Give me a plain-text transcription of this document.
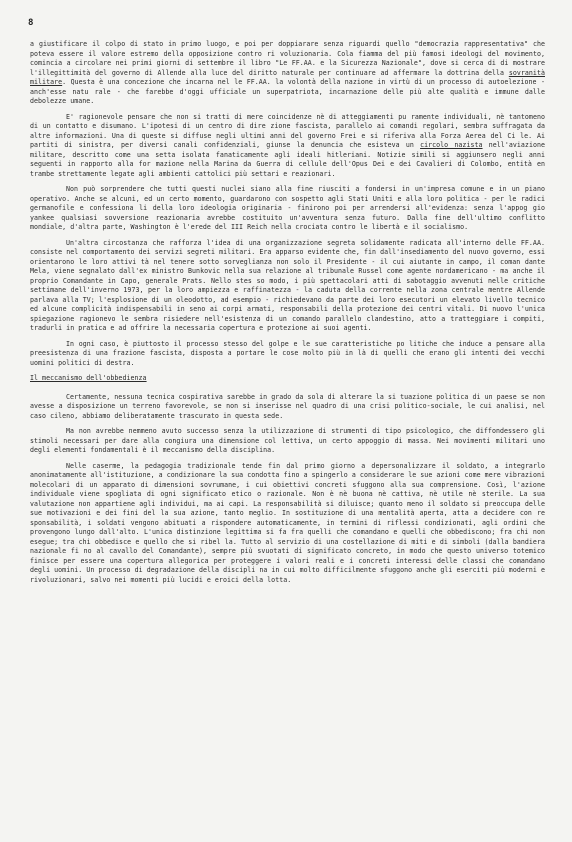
8

a giustificare il colpo di stato in primo luogo, e poi per doppiarare senza riguardi quello "democrazia rappresentativa" che poteva essere il valore estremo della opposizione contro ri voluzionaria. Cola fiamma del più famosi ideologi del movimento, comincia a circolare nei primi giorni di settembre il libro "Le FF.AA. e la Sicurezza Nazionale", dove si cerca di di mostrare l'illegittimità del governo di Allende alla luce del diritto naturale per continuare ad affermare la dottrina della sovranità militare. Questa è una concezione che incarna nel le FF.AA. la volontà della nazione in virtù di un processo di autoelezione - anch'esse natu rale - che farebbe d'oggi ufficiale un superpatriota, incarnazione delle più alte qualità e immune dalle debolezze umane.

E' ragionevole pensare che non si tratti di mere coincidenze nè di atteggiamenti pu ramente individuali, nè tantomeno di un contatto e disumano. L'ipotesi di un centro di dire zione fascista, parallelo ai comandi regolari, sembra suffragata da altre informazioni. Una di queste si diffuse negli ultimi anni del governo Frei e si riferiva alla Forza Aerea del Ci le. Ai partiti di sinistra, per diversi canali confidenziali, giunse la denuncia che esisteva un circolo nazista nell'aviazione militare, descritto come una setta isolata fanaticamente agli ideali hitleriani. Notizie simili si aggiunsero negli anni seguenti in rapporto alla for mazione nella Marina da Guerra di cellule dell'Opus Dei e dei Cavalieri di Colombo, entità en trambe strettamente legate agli ambienti cattolici più settari e reazionari.

Non può sorprendere che tutti questi nuclei siano alla fine riusciti a fondersi in un'impresa comune e in un piano operativo. Anche se alcuni, ed un certo momento, guardarono con sospetto agli Stati Uniti e alla loro politica - per le radici germanofile e confessiona li della loro ideologia originaria - finirono poi per arrendersi all'evidenza: senza l'appog gio yankee qualsiasi sovversione reazionaria avrebbe costituito un'avventura senza futuro. Dalla fine dell'ultimo conflitto mondiale, d'altra parte, Washington è l'erede del III Reich nella crociata contro le libertà e il socialismo.

Un'altra circostanza che rafforza l'idea di una organizzazione segreta solidamente radicata all'interno delle FF.AA. consiste nel comportamento dei servizi segreti militari. Era apparso evidente che, fin dall'insediamento del nuovo governo, essi orientarono le loro attivi tà nel tenere sotto sorveglianza non solo il Presidente - il cui aiutante in campo, il coman dante Mela, viene segnalato dall'ex ministro Bunkovic nella sua relazione al tribunale Russel come agente nordamericano - ma anche il proprio Comandante in Capo, generale Prats. Nello stes so modo, i più spettacolari atti di sabotaggio avvenuti nelle critiche settimane dell'inverno 1973, per la loro ampiezza e raffinatezza - la caduta della corrente nella zona centrale mentre Allende parlava alla TV; l'esplosione di un oleodotto, ad esempio - richiedevano da parte dei loro esecutori un elevato livello tecnico ed alcune complicità indispensabili in seno ai corpi armati, responsabili della protezione dei centri vitali. Di nuovo l'unica spiegazione ragionevo le sembra risiedere nell'esistenza di un comando parallelo clandestino, atto a tratteggiare i compiti, tradurli in pratica e ad offrire la necessaria copertura e protezione ai suoi agenti.

In ogni caso, è piuttosto il processo stesso del golpe e le sue caratteristiche po litiche che induce a pensare alla preesistenza di una frazione fascista, disposta a portare le cose molto più in là di quelli che erano gli intenti dei vecchi uomini politici di destra.

Il meccanismo dell'obbedienza

Certamente, nessuna tecnica cospirativa sarebbe in grado da sola di alterare la si tuazione politica di un paese se non avesse a disposizione un terreno favorevole, se non si inserisse nel quadro di una crisi politico-sociale, le cui analisi, nel caso cileno, abbiamo deliberatamente trascurato in questa sede.

Ma non avrebbe nemmeno avuto successo senza la utilizzazione di strumenti di tipo psicologico, che diffondessero gli stimoli necessari per dare alla congiura una dimensione col lettiva, un certo appoggio di massa. Nei movimenti militari uno degli elementi fondamentali è il meccanismo della disciplina.

Nelle caserme, la pedagogia tradizionale tende fin dal primo giorno a depersonalizzare il soldato, a integrarlo anonimatamente all'istituzione, a condizionare la sua condotta fino a spingerlo a considerare le sue azioni come mere vibrazioni molecolari di un apparato di dimensioni sovrumane, i cui obiettivi concreti sfuggono alla sua comprensione. Così, l'azione individuale viene spogliata di ogni significato etico o razionale. Non è nè buona nè cattiva, nè utile nè sterile. La sua valutazione non appartiene agli individui, ma ai capi. La responsabilità si diluisce; quanto meno il soldato si preoccupa delle sue motivazioni e dei fini del la sua azione, tanto meglio. In sostituzione di una mentalità aperta, atta a decidere con re sponsabilità, i soldati vengono abituati a rispondere automaticamente, in termini di riflessi condizionati, agli ordini che provengono lungo dall'alto. L'unica distinzione legittima si fa fra quelli che comandano e quelli che obbediscono; fra chi non esegue; tra chi obbedisce e quello che si ribel la. Tutto al servizio di una costellazione di miti e di simboli (dalla bandiera nazionale fi no al cavallo del Comandante), sempre più svuotati di significato concreto, in modo che questo universo totemico finisce per essere una copertura allegorica per proteggere i valori reali e i concreti interessi delle classi che comandano degli uomini. Un processo di degradazione della discipli na in cui molto difficilmente sfuggono anche gli eserciti più moderni e rivoluzionari, salvo nei momenti più lucidi e eroici della lotta.
